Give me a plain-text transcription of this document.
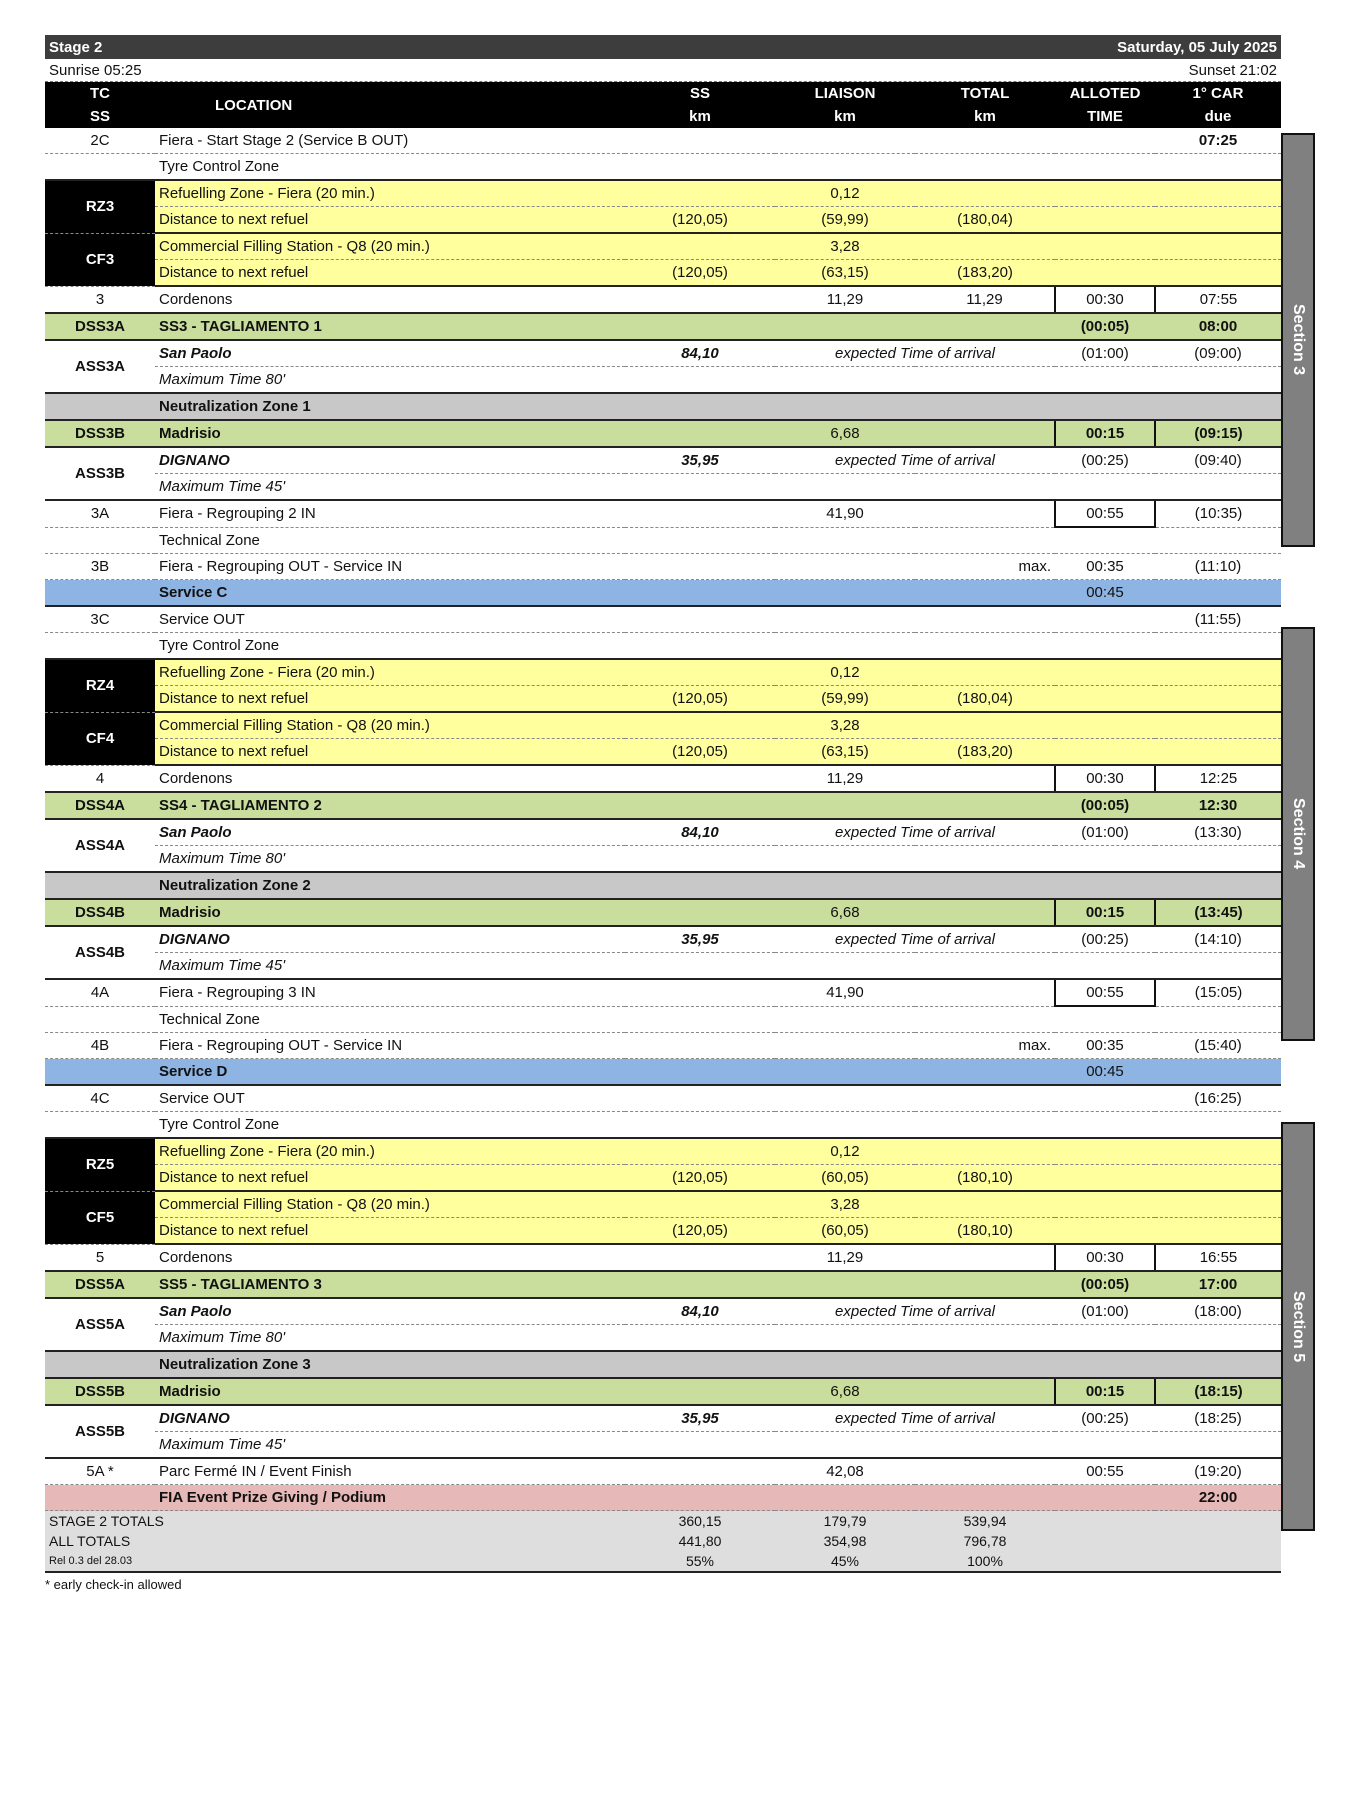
Stage 2	Saturday, 05 July 2025
Sunrise 05:25	Sunset 21:02
TC	LOCATION	SS	LIAISON	TOTAL	ALLOTED	1° CAR
SS		km	km	km	TIME	due
2C	Fiera - Start Stage 2 (Service B OUT)					07:25
	Tyre Control Zone					
RZ3	Refuelling Zone - Fiera (20 min.)		0,12			
	Distance to next refuel	(120,05)	(59,99)	(180,04)		
CF3	Commercial Filling Station - Q8 (20 min.)		3,28			
	Distance to next refuel	(120,05)	(63,15)	(183,20)		
3	Cordenons		11,29	11,29	00:30	07:55
DSS3A	SS3 - TAGLIAMENTO 1				(00:05)	08:00
ASS3A	San Paolo	84,10	expected Time of arrival		(01:00)	(09:00)
	Maximum Time 80'					
	Neutralization Zone 1					
DSS3B	Madrisio		6,68		00:15	(09:15)
ASS3B	DIGNANO	35,95	expected Time of arrival		(00:25)	(09:40)
	Maximum Time 45'					
3A	Fiera - Regrouping 2 IN		41,90		00:55	(10:35)
	Technical Zone					
3B	Fiera - Regrouping OUT - Service IN			max.	00:35	(11:10)
	Service C				00:45	
3C	Service OUT					(11:55)
	Tyre Control Zone					
RZ4	Refuelling Zone - Fiera (20 min.)		0,12			
	Distance to next refuel	(120,05)	(59,99)	(180,04)		
CF4	Commercial Filling Station - Q8 (20 min.)		3,28			
	Distance to next refuel	(120,05)	(63,15)	(183,20)		
4	Cordenons		11,29		00:30	12:25
DSS4A	SS4 - TAGLIAMENTO 2				(00:05)	12:30
ASS4A	San Paolo	84,10	expected Time of arrival		(01:00)	(13:30)
	Maximum Time 80'					
	Neutralization Zone 2					
DSS4B	Madrisio		6,68		00:15	(13:45)
ASS4B	DIGNANO	35,95	expected Time of arrival		(00:25)	(14:10)
	Maximum Time 45'					
4A	Fiera - Regrouping 3 IN		41,90		00:55	(15:05)
	Technical Zone					
4B	Fiera - Regrouping OUT - Service IN			max.	00:35	(15:40)
	Service D				00:45	
4C	Service OUT					(16:25)
	Tyre Control Zone					
RZ5	Refuelling Zone - Fiera (20 min.)		0,12			
	Distance to next refuel	(120,05)	(60,05)	(180,10)		
CF5	Commercial Filling Station - Q8 (20 min.)		3,28			
	Distance to next refuel	(120,05)	(60,05)	(180,10)		
5	Cordenons		11,29		00:30	16:55
DSS5A	SS5 - TAGLIAMENTO 3				(00:05)	17:00
ASS5A	San Paolo	84,10	expected Time of arrival		(01:00)	(18:00)
	Maximum Time 80'					
	Neutralization Zone 3					
DSS5B	Madrisio		6,68		00:15	(18:15)
ASS5B	DIGNANO	35,95	expected Time of arrival		(00:25)	(18:25)
	Maximum Time 45'					
5A *	Parc Fermé IN / Event Finish		42,08		00:55	(19:20)
	FIA Event Prize Giving / Podium					22:00
STAGE 2 TOTALS		360,15	179,79	539,94		
ALL TOTALS		441,80	354,98	796,78		
Rel 0.3 del 28.03		55%	45%	100%		
* early check-in allowed
Section 3
Section 4
Section 5
